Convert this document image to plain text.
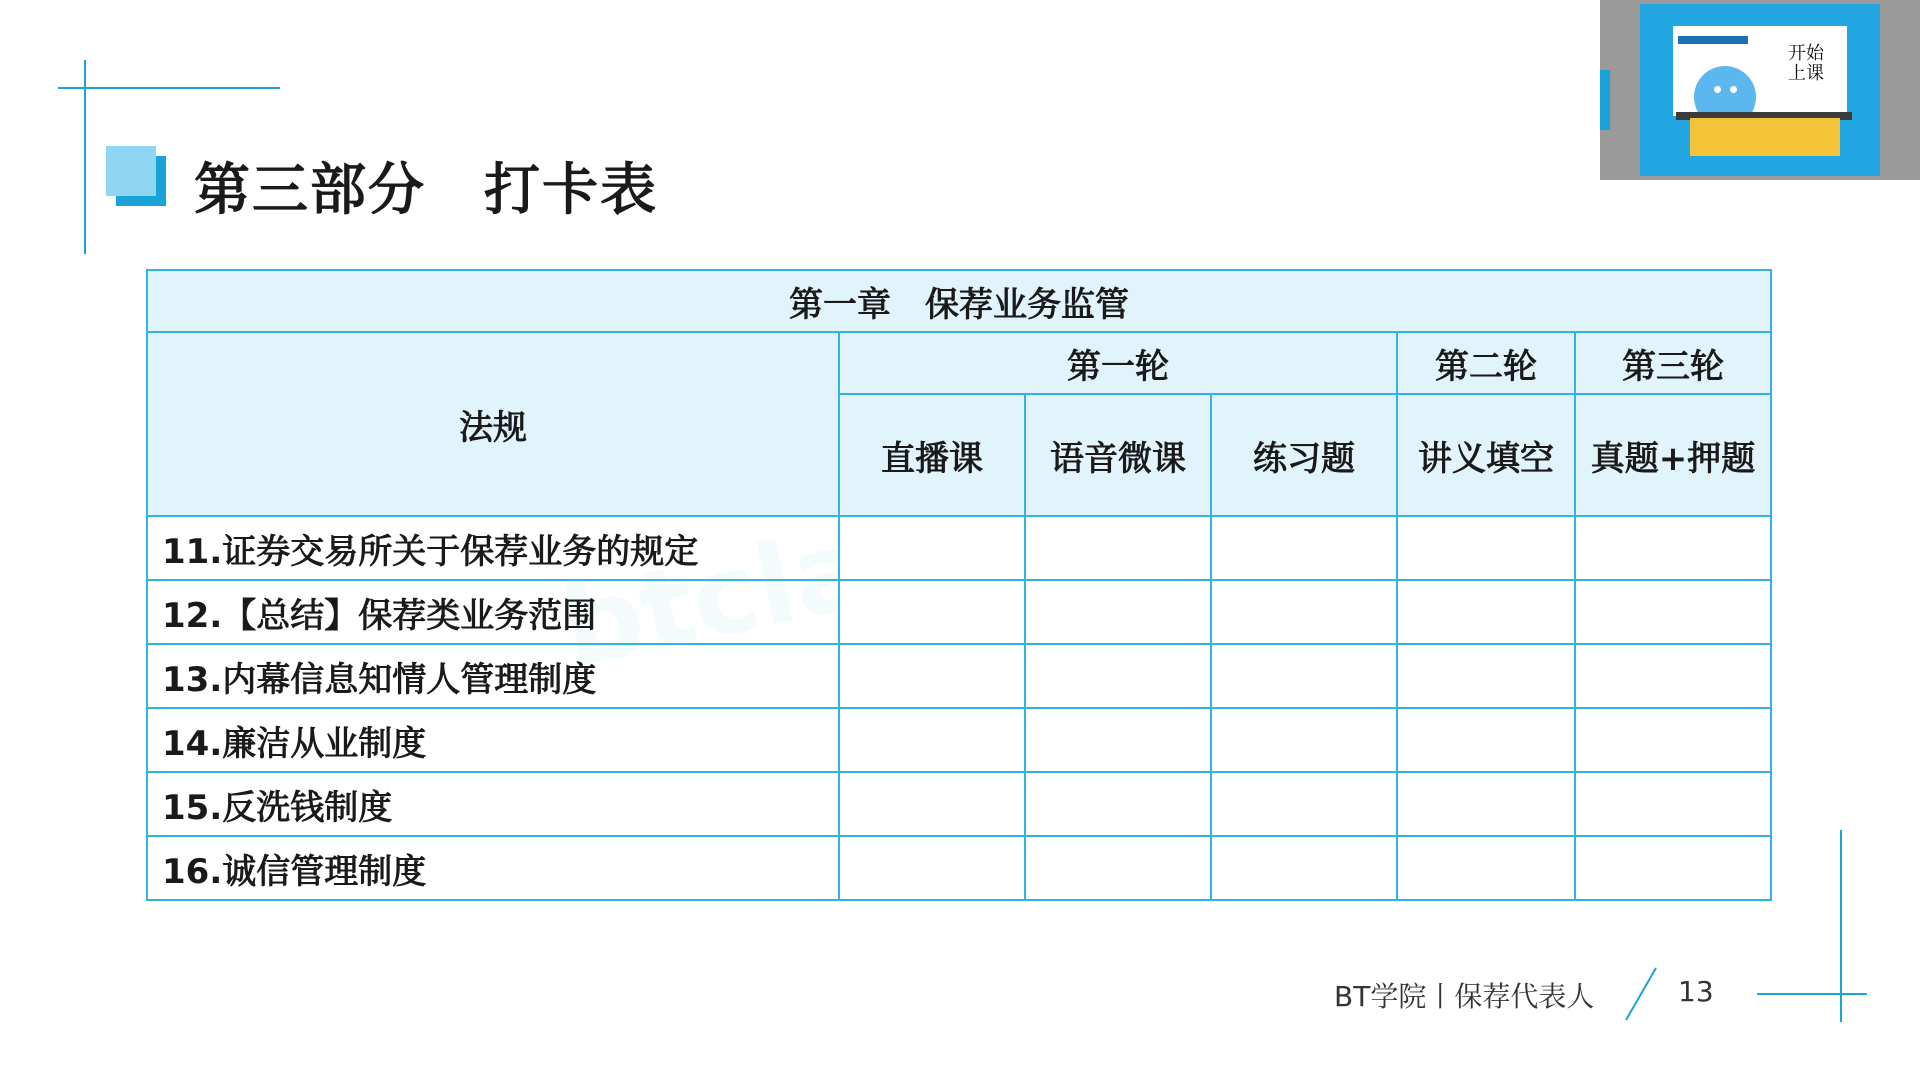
第三部分　打卡表
开始上课
btclass
第一章　保荐业务监管					
法规	第一轮			第二轮	第三轮
	直播课	语音微课	练习题	讲义填空	真题+押题
11.证券交易所关于保荐业务的规定					
12.【总结】保荐类业务范围					
13.内幕信息知情人管理制度					
14.廉洁从业制度					
15.反洗钱制度					
16.诚信管理制度					
BT学院丨保荐代表人	13
